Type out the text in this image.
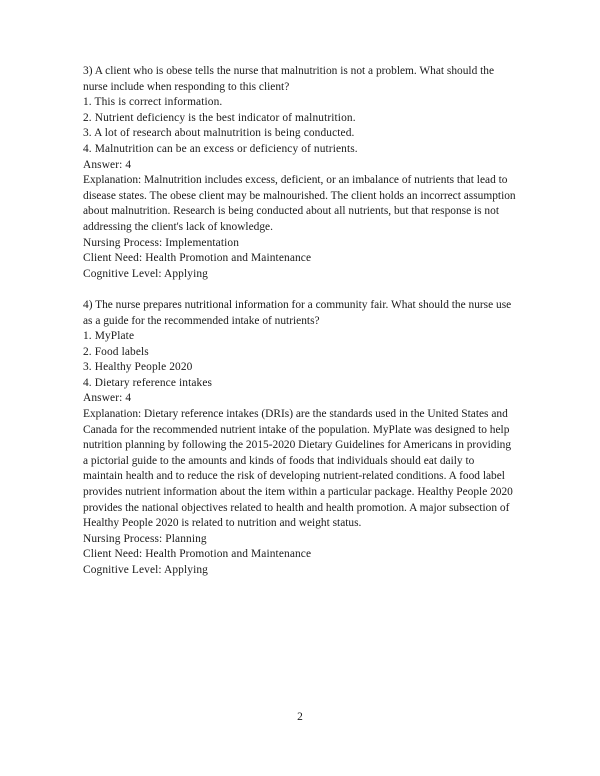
3) A client who is obese tells the nurse that malnutrition is not a problem. What should the nurse include when responding to this client?

1. This is correct information.

2. Nutrient deficiency is the best indicator of malnutrition.

3. A lot of research about malnutrition is being conducted.

4. Malnutrition can be an excess or deficiency of nutrients.

Answer: 4

Explanation: Malnutrition includes excess, deficient, or an imbalance of nutrients that lead to disease states. The obese client may be malnourished. The client holds an incorrect assumption about malnutrition. Research is being conducted about all nutrients, but that response is not addressing the client's lack of knowledge.

Nursing Process: Implementation

Client Need: Health Promotion and Maintenance

Cognitive Level: Applying

4) The nurse prepares nutritional information for a community fair. What should the nurse use as a guide for the recommended intake of nutrients?

1. MyPlate

2. Food labels

3. Healthy People 2020

4. Dietary reference intakes

Answer: 4

Explanation: Dietary reference intakes (DRIs) are the standards used in the United States and Canada for the recommended nutrient intake of the population. MyPlate was designed to help nutrition planning by following the 2015-2020 Dietary Guidelines for Americans in providing a pictorial guide to the amounts and kinds of foods that individuals should eat daily to maintain health and to reduce the risk of developing nutrient-related conditions. A food label provides nutrient information about the item within a particular package. Healthy People 2020 provides the national objectives related to health and health promotion. A major subsection of Healthy People 2020 is related to nutrition and weight status.

Nursing Process: Planning

Client Need: Health Promotion and Maintenance

Cognitive Level: Applying

2
